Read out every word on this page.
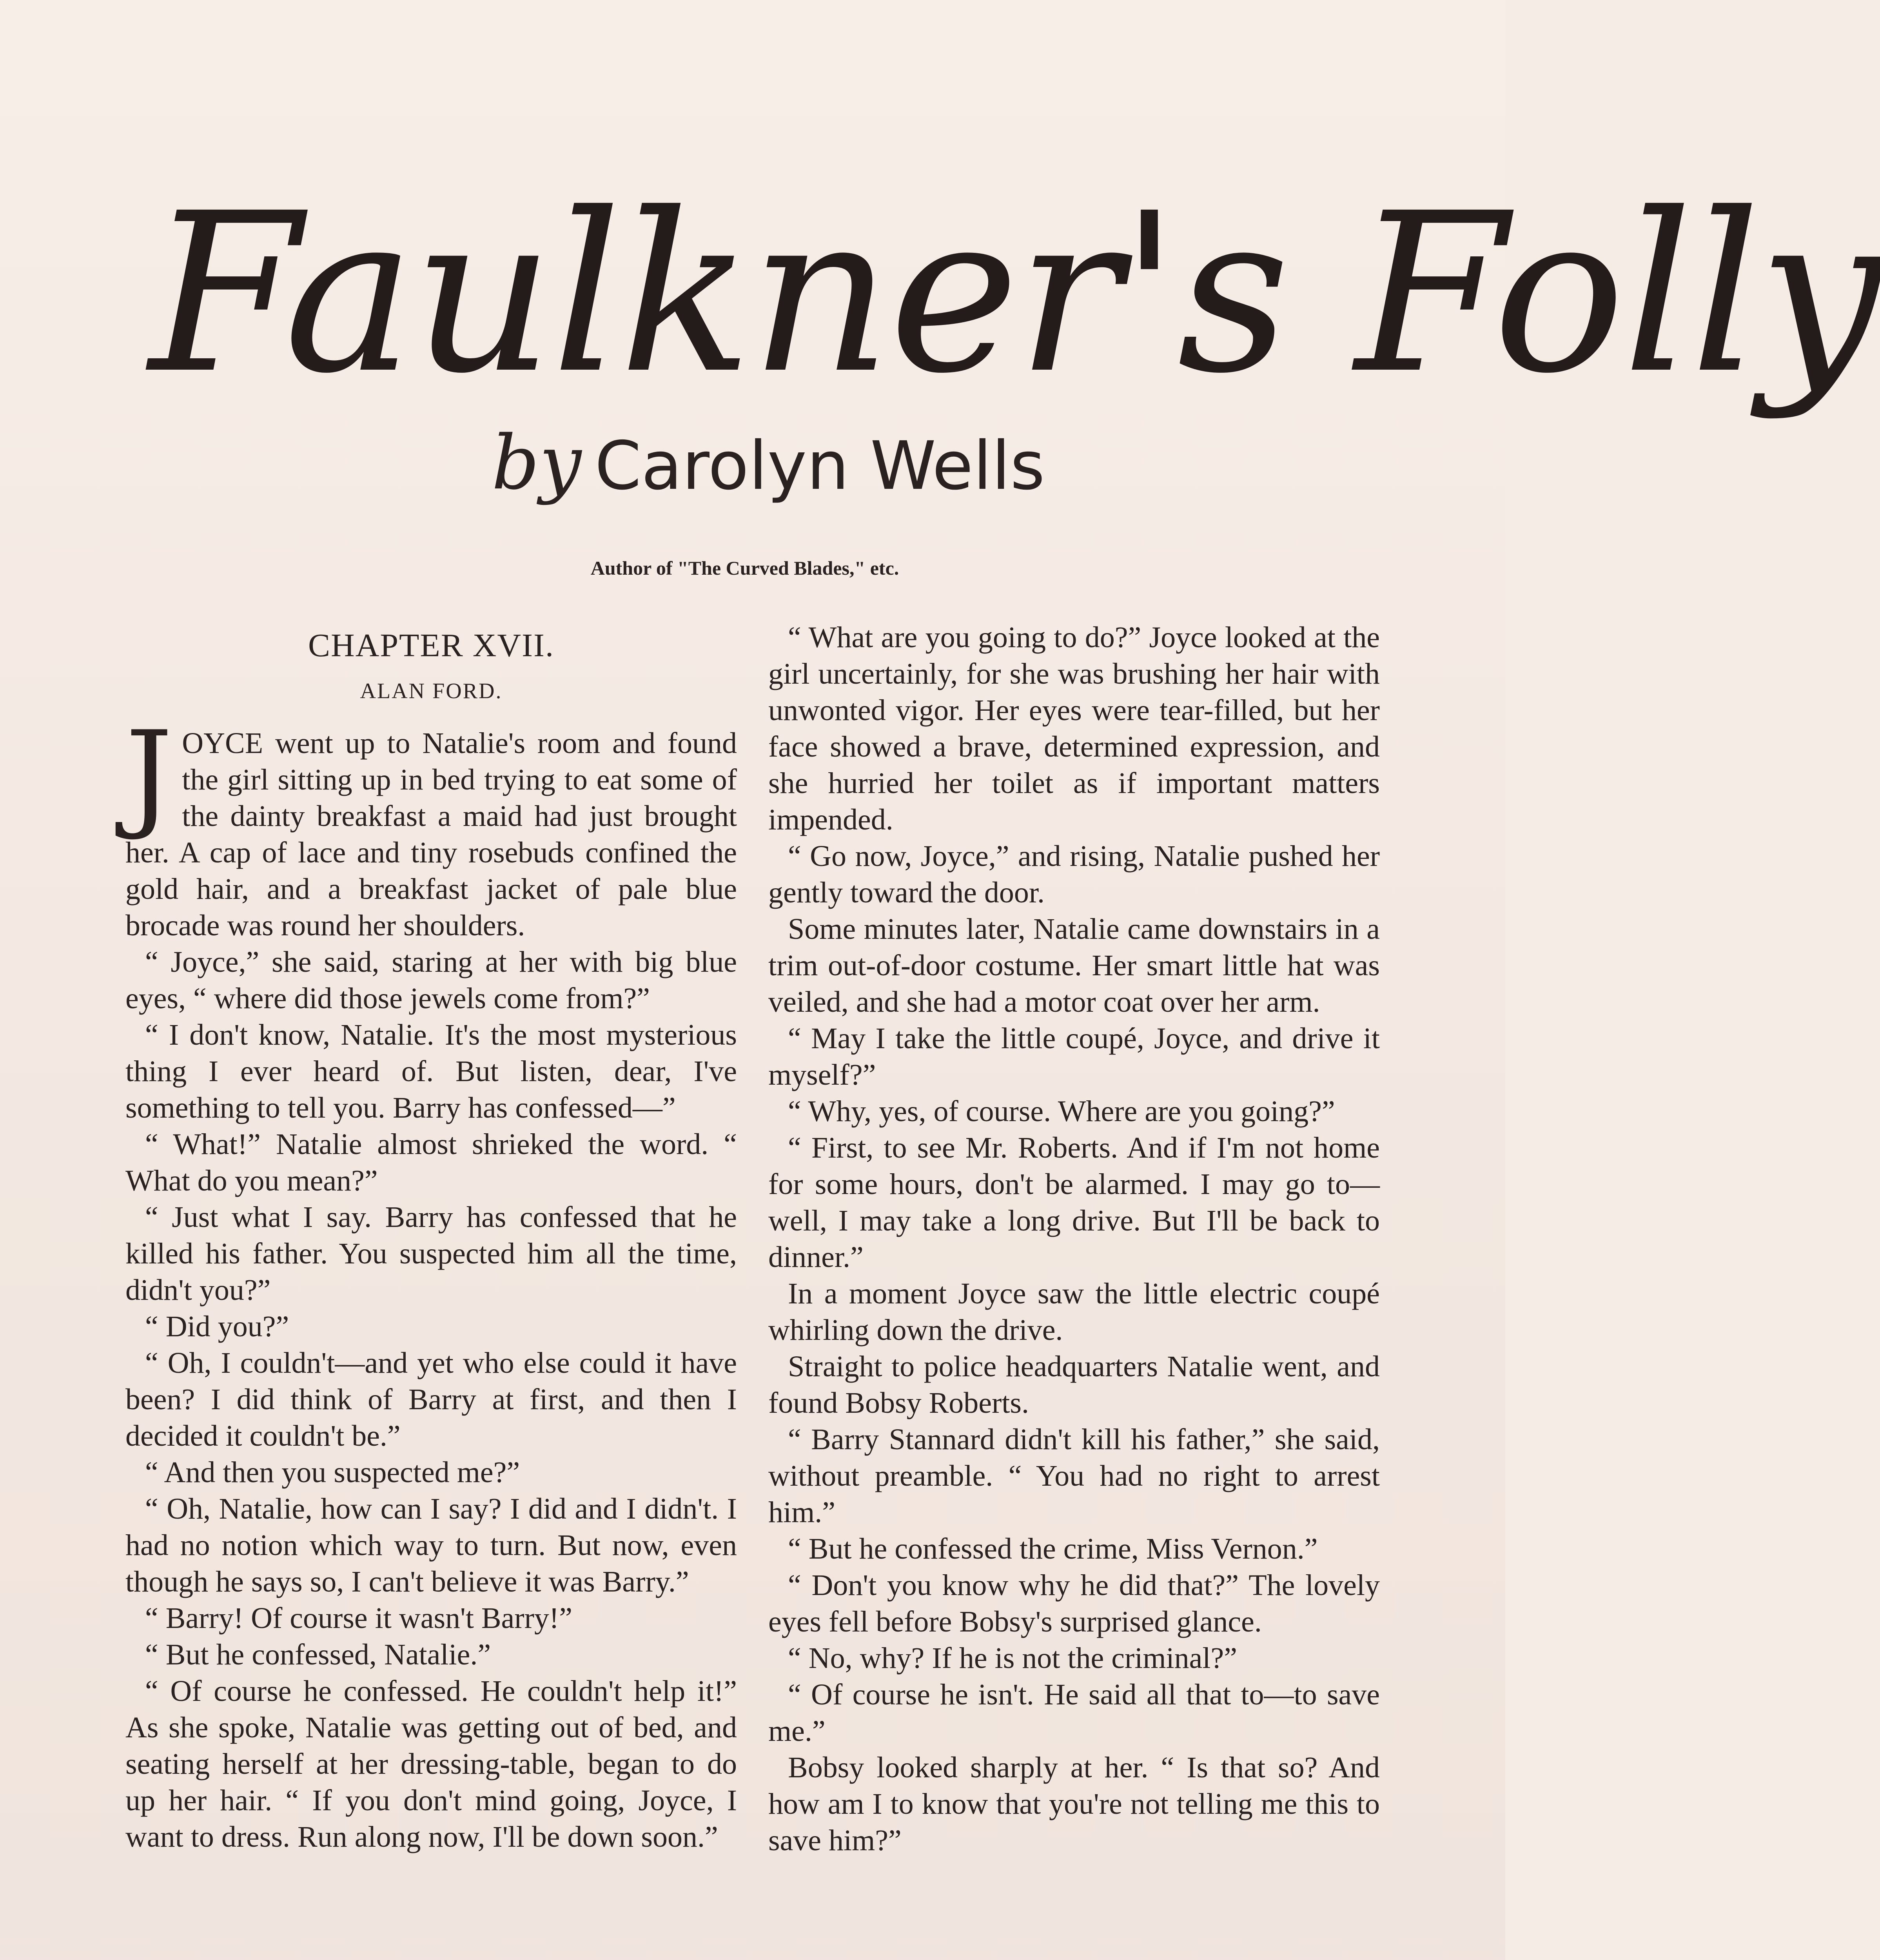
Faulkner's Folly
by Carolyn Wells
Author of "The Curved Blades," etc.
CHAPTER XVII.
ALAN FORD.

JOYCE went up to Natalie's room and found the girl sitting up in bed trying to eat some of the dainty breakfast a maid had just brought her. A cap of lace and tiny rosebuds confined the gold hair, and a breakfast jacket of pale blue brocade was round her shoulders.

“ Joyce,” she said, staring at her with big blue eyes, “ where did those jewels come from?”

“ I don't know, Natalie. It's the most mysterious thing I ever heard of. But listen, dear, I've something to tell you. Barry has confessed—”

“ What!” Natalie almost shrieked the word. “ What do you mean?”

“ Just what I say. Barry has confessed that he killed his father. You suspected him all the time, didn't you?”

“ Did you?”

“ Oh, I couldn't—and yet who else could it have been? I did think of Barry at first, and then I decided it couldn't be.”

“ And then you suspected me?”

“ Oh, Natalie, how can I say? I did and I didn't. I had no notion which way to turn. But now, even though he says so, I can't believe it was Barry.”

“ Barry! Of course it wasn't Barry!”

“ But he confessed, Natalie.”

“ Of course he confessed. He couldn't help it!” As she spoke, Natalie was getting out of bed, and seating herself at her dressing-table, began to do up her hair. “ If you don't mind going, Joyce, I want to dress. Run along now, I'll be down soon.”

“ What are you going to do?” Joyce looked at the girl uncertainly, for she was brushing her hair with unwonted vigor. Her eyes were tear-filled, but her face showed a brave, determined expression, and she hurried her toilet as if important matters impended.

“ Go now, Joyce,” and rising, Natalie pushed her gently toward the door.

Some minutes later, Natalie came downstairs in a trim out-of-door costume. Her smart little hat was veiled, and she had a motor coat over her arm.

“ May I take the little coupé, Joyce, and drive it myself?”

“ Why, yes, of course. Where are you going?”

“ First, to see Mr. Roberts. And if I'm not home for some hours, don't be alarmed. I may go to—well, I may take a long drive. But I'll be back to dinner.”

In a moment Joyce saw the little electric coupé whirling down the drive.

Straight to police headquarters Natalie went, and found Bobsy Roberts.

“ Barry Stannard didn't kill his father,” she said, without preamble. “ You had no right to arrest him.”

“ But he confessed the crime, Miss Vernon.”

“ Don't you know why he did that?” The lovely eyes fell before Bobsy's surprised glance.

“ No, why? If he is not the criminal?”

“ Of course he isn't. He said all that to—to save me.”

Bobsy looked sharply at her. “ Is that so? And how am I to know that you're not telling me this to save him?”
